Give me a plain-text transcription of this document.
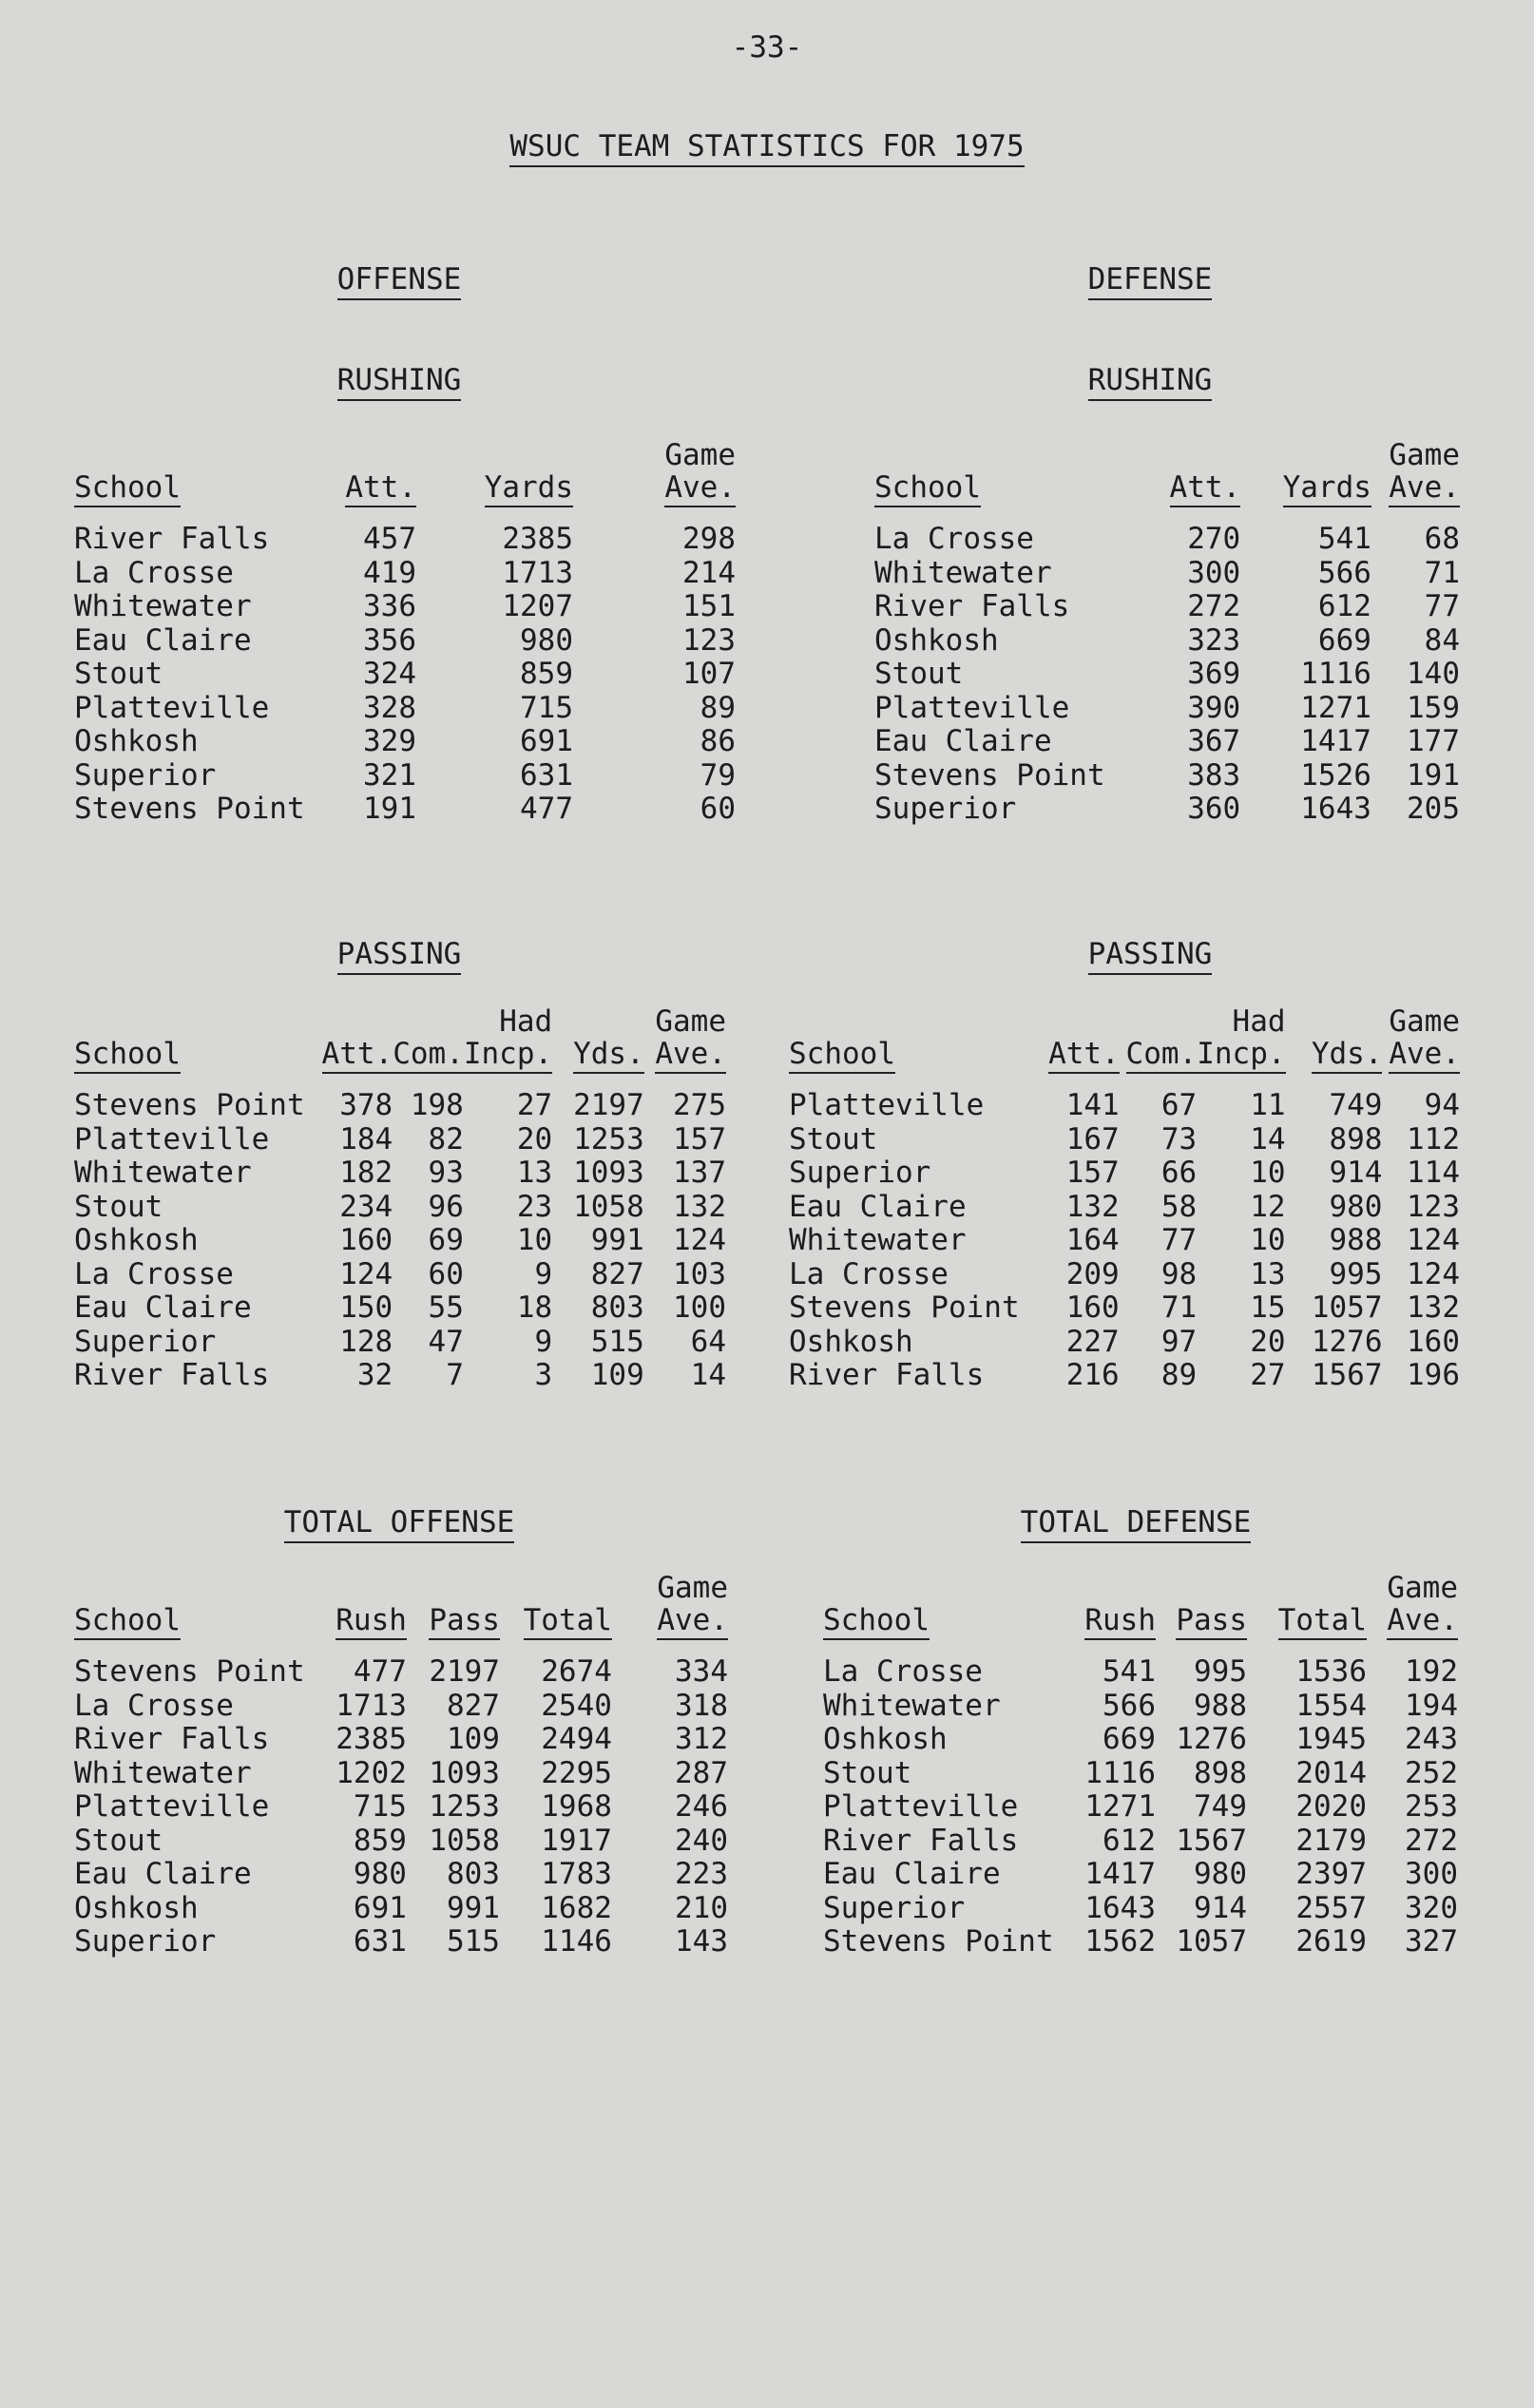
-33-
WSUC TEAM STATISTICS FOR 1975
OFFENSE	DEFENSE
RUSHING	RUSHING
			Game
School	Att.	Yards	Ave.
River Falls	457	2385	298
La Crosse	419	1713	214
Whitewater	336	1207	151
Eau Claire	356	980	123
Stout	324	859	107
Platteville	328	715	89
Oshkosh	329	691	86
Superior	321	631	79
Stevens Point	191	477	60
			Game
School	Att.	Yards	Ave.
La Crosse	270	541	68
Whitewater	300	566	71
River Falls	272	612	77
Oshkosh	323	669	84
Stout	369	1116	140
Platteville	390	1271	159
Eau Claire	367	1417	177
Stevens Point	383	1526	191
Superior	360	1643	205
PASSING	PASSING
			Had		Game
School	Att.	Com.	Incp.	Yds.	Ave.
Stevens Point	378	198	27	2197	275
Platteville	184	82	20	1253	157
Whitewater	182	93	13	1093	137
Stout	234	96	23	1058	132
Oshkosh	160	69	10	991	124
La Crosse	124	60	9	827	103
Eau Claire	150	55	18	803	100
Superior	128	47	9	515	64
River Falls	32	7	3	109	14
			Had		Game
School	Att.	Com.	Incp.	Yds.	Ave.
Platteville	141	67	11	749	94
Stout	167	73	14	898	112
Superior	157	66	10	914	114
Eau Claire	132	58	12	980	123
Whitewater	164	77	10	988	124
La Crosse	209	98	13	995	124
Stevens Point	160	71	15	1057	132
Oshkosh	227	97	20	1276	160
River Falls	216	89	27	1567	196
TOTAL OFFENSE	TOTAL DEFENSE
				Game
School	Rush	Pass	Total	Ave.
Stevens Point	477	2197	2674	334
La Crosse	1713	827	2540	318
River Falls	2385	109	2494	312
Whitewater	1202	1093	2295	287
Platteville	715	1253	1968	246
Stout	859	1058	1917	240
Eau Claire	980	803	1783	223
Oshkosh	691	991	1682	210
Superior	631	515	1146	143
				Game
School	Rush	Pass	Total	Ave.
La Crosse	541	995	1536	192
Whitewater	566	988	1554	194
Oshkosh	669	1276	1945	243
Stout	1116	898	2014	252
Platteville	1271	749	2020	253
River Falls	612	1567	2179	272
Eau Claire	1417	980	2397	300
Superior	1643	914	2557	320
Stevens Point	1562	1057	2619	327
